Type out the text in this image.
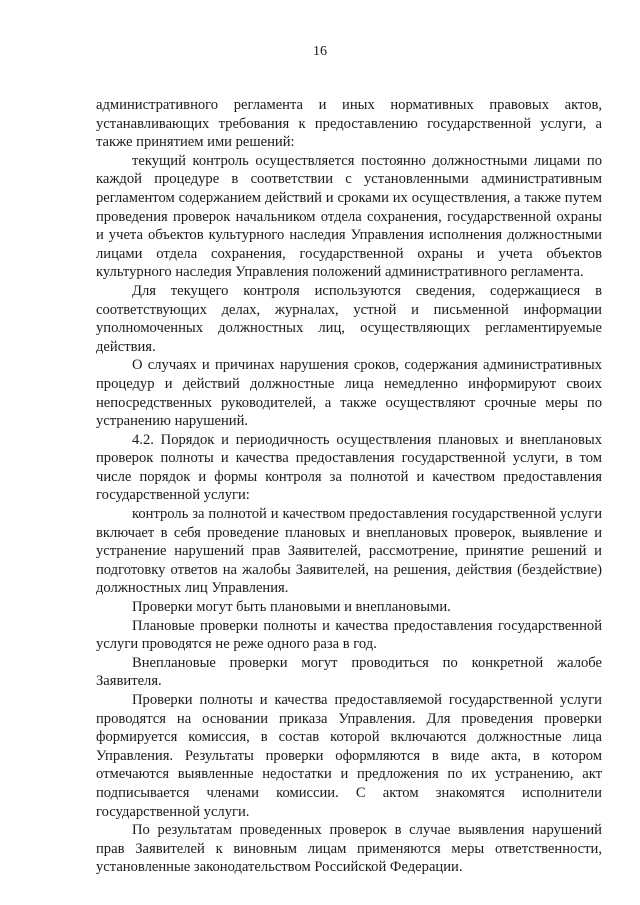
16

административного регламента и иных нормативных правовых актов, устанавливающих требования к предоставлению государственной услуги, а также принятием ими решений:

текущий контроль осуществляется постоянно должностными лицами по каждой процедуре в соответствии с установленными административным регламентом содержанием действий и сроками их осуществления, а также путем проведения проверок начальником отдела сохранения, государственной охраны и учета объектов культурного наследия Управления исполнения должностными лицами отдела сохранения, государственной охраны и учета объектов культурного наследия Управления положений административного регламента.

Для текущего контроля используются сведения, содержащиеся в соответствующих делах, журналах, устной и письменной информации уполномоченных должностных лиц, осуществляющих регламентируемые действия.

О случаях и причинах нарушения сроков, содержания административных процедур и действий должностные лица немедленно информируют своих непосредственных руководителей, а также осуществляют срочные меры по устранению нарушений.

4.2. Порядок и периодичность осуществления плановых и внеплановых проверок полноты и качества предоставления государственной услуги, в том числе порядок и формы контроля за полнотой и качеством предоставления государственной услуги:

контроль за полнотой и качеством предоставления государственной услуги включает в себя проведение плановых и внеплановых проверок, выявление и устранение нарушений прав Заявителей, рассмотрение, принятие решений и подготовку ответов на жалобы Заявителей, на решения, действия (бездействие) должностных лиц Управления.

Проверки могут быть плановыми и внеплановыми.

Плановые проверки полноты и качества предоставления государственной услуги проводятся не реже одного раза в год.

Внеплановые проверки могут проводиться по конкретной жалобе Заявителя.

Проверки полноты и качества предоставляемой государственной услуги проводятся на основании приказа Управления. Для проведения проверки формируется комиссия, в состав которой включаются должностные лица Управления. Результаты проверки оформляются в виде акта, в котором отмечаются выявленные недостатки и предложения по их устранению, акт подписывается членами комиссии. С актом знакомятся исполнители государственной услуги.

По результатам проведенных проверок в случае выявления нарушений прав Заявителей к виновным лицам применяются меры ответственности, установленные законодательством Российской Федерации.
